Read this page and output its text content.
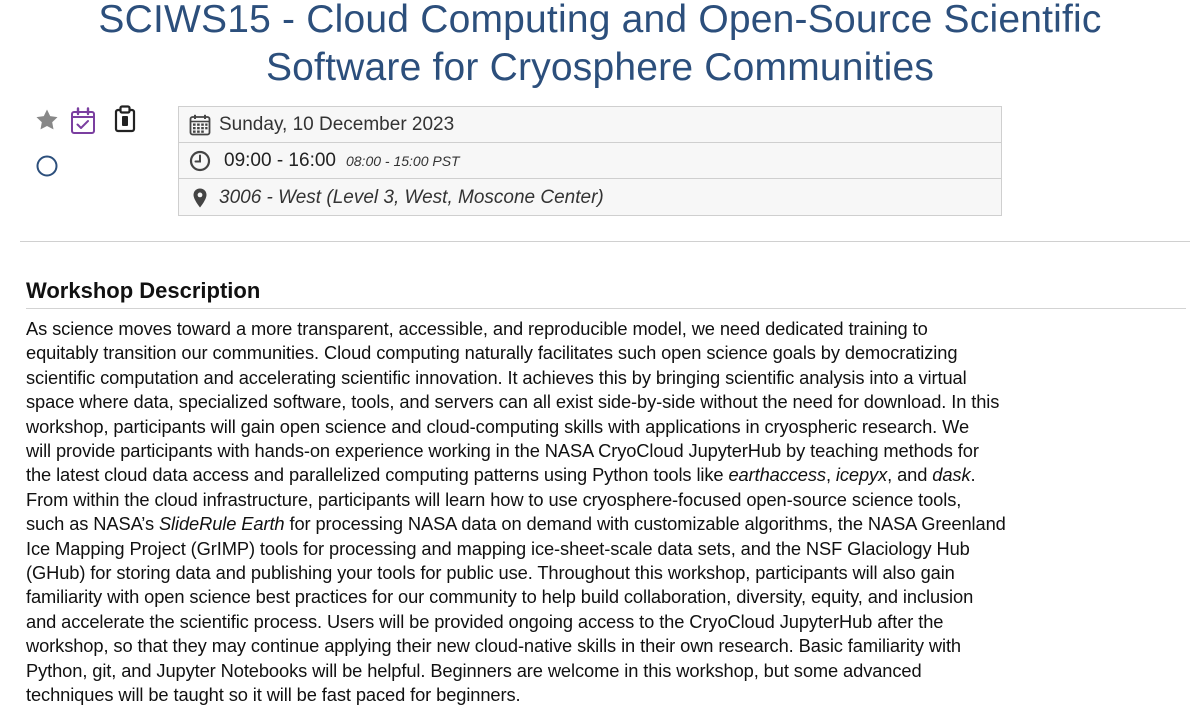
SCIWS15 - Cloud Computing and Open-Source Scientific
Software for Cryosphere Communities
Sunday, 10 December 2023
09:00 - 16:00 08:00 - 15:00 PST
3006 - West (Level 3, West, Moscone Center)
Workshop Description
As science moves toward a more transparent, accessible, and reproducible model, we need dedicated training to
equitably transition our communities. Cloud computing naturally facilitates such open science goals by democratizing
scientific computation and accelerating scientific innovation. It achieves this by bringing scientific analysis into a virtual
space where data, specialized software, tools, and servers can all exist side-by-side without the need for download. In this
workshop, participants will gain open science and cloud-computing skills with applications in cryospheric research. We
will provide participants with hands-on experience working in the NASA CryoCloud JupyterHub by teaching methods for
the latest cloud data access and parallelized computing patterns using Python tools like earthaccess, icepyx, and dask.
From within the cloud infrastructure, participants will learn how to use cryosphere-focused open-source science tools,
such as NASA’s SlideRule Earth for processing NASA data on demand with customizable algorithms, the NASA Greenland
Ice Mapping Project (GrIMP) tools for processing and mapping ice-sheet-scale data sets, and the NSF Glaciology Hub
(GHub) for storing data and publishing your tools for public use. Throughout this workshop, participants will also gain
familiarity with open science best practices for our community to help build collaboration, diversity, equity, and inclusion
and accelerate the scientific process. Users will be provided ongoing access to the CryoCloud JupyterHub after the
workshop, so that they may continue applying their new cloud-native skills in their own research. Basic familiarity with
Python, git, and Jupyter Notebooks will be helpful. Beginners are welcome in this workshop, but some advanced
techniques will be taught so it will be fast paced for beginners.
